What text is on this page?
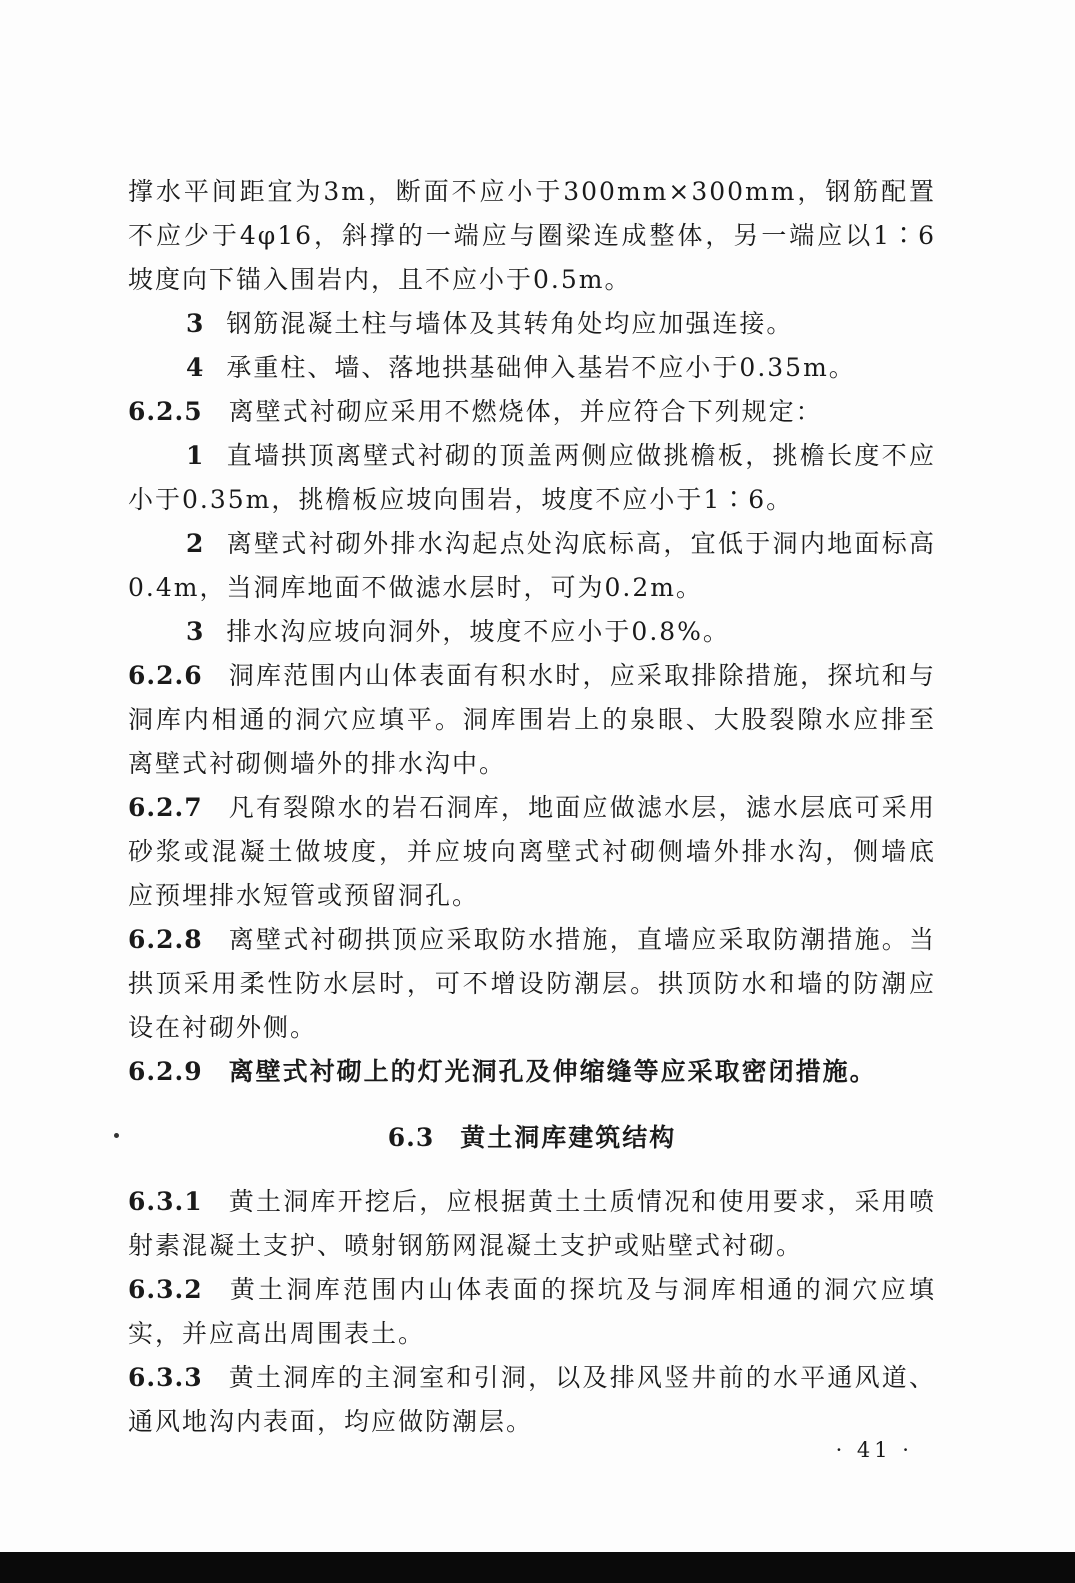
撑水平间距宜为3m，断面不应小于300mm×300mm，钢筋配置不应少于4φ16，斜撑的一端应与圈梁连成整体，另一端应以1∶6坡度向下锚入围岩内，且不应小于0.5m。

3 钢筋混凝土柱与墙体及其转角处均应加强连接。

4 承重柱、墙、落地拱基础伸入基岩不应小于0.35m。

6.2.5 离壁式衬砌应采用不燃烧体，并应符合下列规定：

1 直墙拱顶离壁式衬砌的顶盖两侧应做挑檐板，挑檐长度不应小于0.35m，挑檐板应坡向围岩，坡度不应小于1∶6。

2 离壁式衬砌外排水沟起点处沟底标高，宜低于洞内地面标高0.4m，当洞库地面不做滤水层时，可为0.2m。

3 排水沟应坡向洞外，坡度不应小于0.8%。

6.2.6 洞库范围内山体表面有积水时，应采取排除措施，探坑和与洞库内相通的洞穴应填平。洞库围岩上的泉眼、大股裂隙水应排至离壁式衬砌侧墙外的排水沟中。

6.2.7 凡有裂隙水的岩石洞库，地面应做滤水层，滤水层底可采用砂浆或混凝土做坡度，并应坡向离壁式衬砌侧墙外排水沟，侧墙底应预埋排水短管或预留洞孔。

6.2.8 离壁式衬砌拱顶应采取防水措施，直墙应采取防潮措施。当拱顶采用柔性防水层时，可不增设防潮层。拱顶防水和墙的防潮应设在衬砌外侧。

6.2.9 离壁式衬砌上的灯光洞孔及伸缩缝等应采取密闭措施。

6.3 黄土洞库建筑结构

6.3.1 黄土洞库开挖后，应根据黄土土质情况和使用要求，采用喷射素混凝土支护、喷射钢筋网混凝土支护或贴壁式衬砌。

6.3.2 黄土洞库范围内山体表面的探坑及与洞库相通的洞穴应填实，并应高出周围表土。

6.3.3 黄土洞库的主洞室和引洞，以及排风竖井前的水平通风道、通风地沟内表面，均应做防潮层。

· 41 ·
